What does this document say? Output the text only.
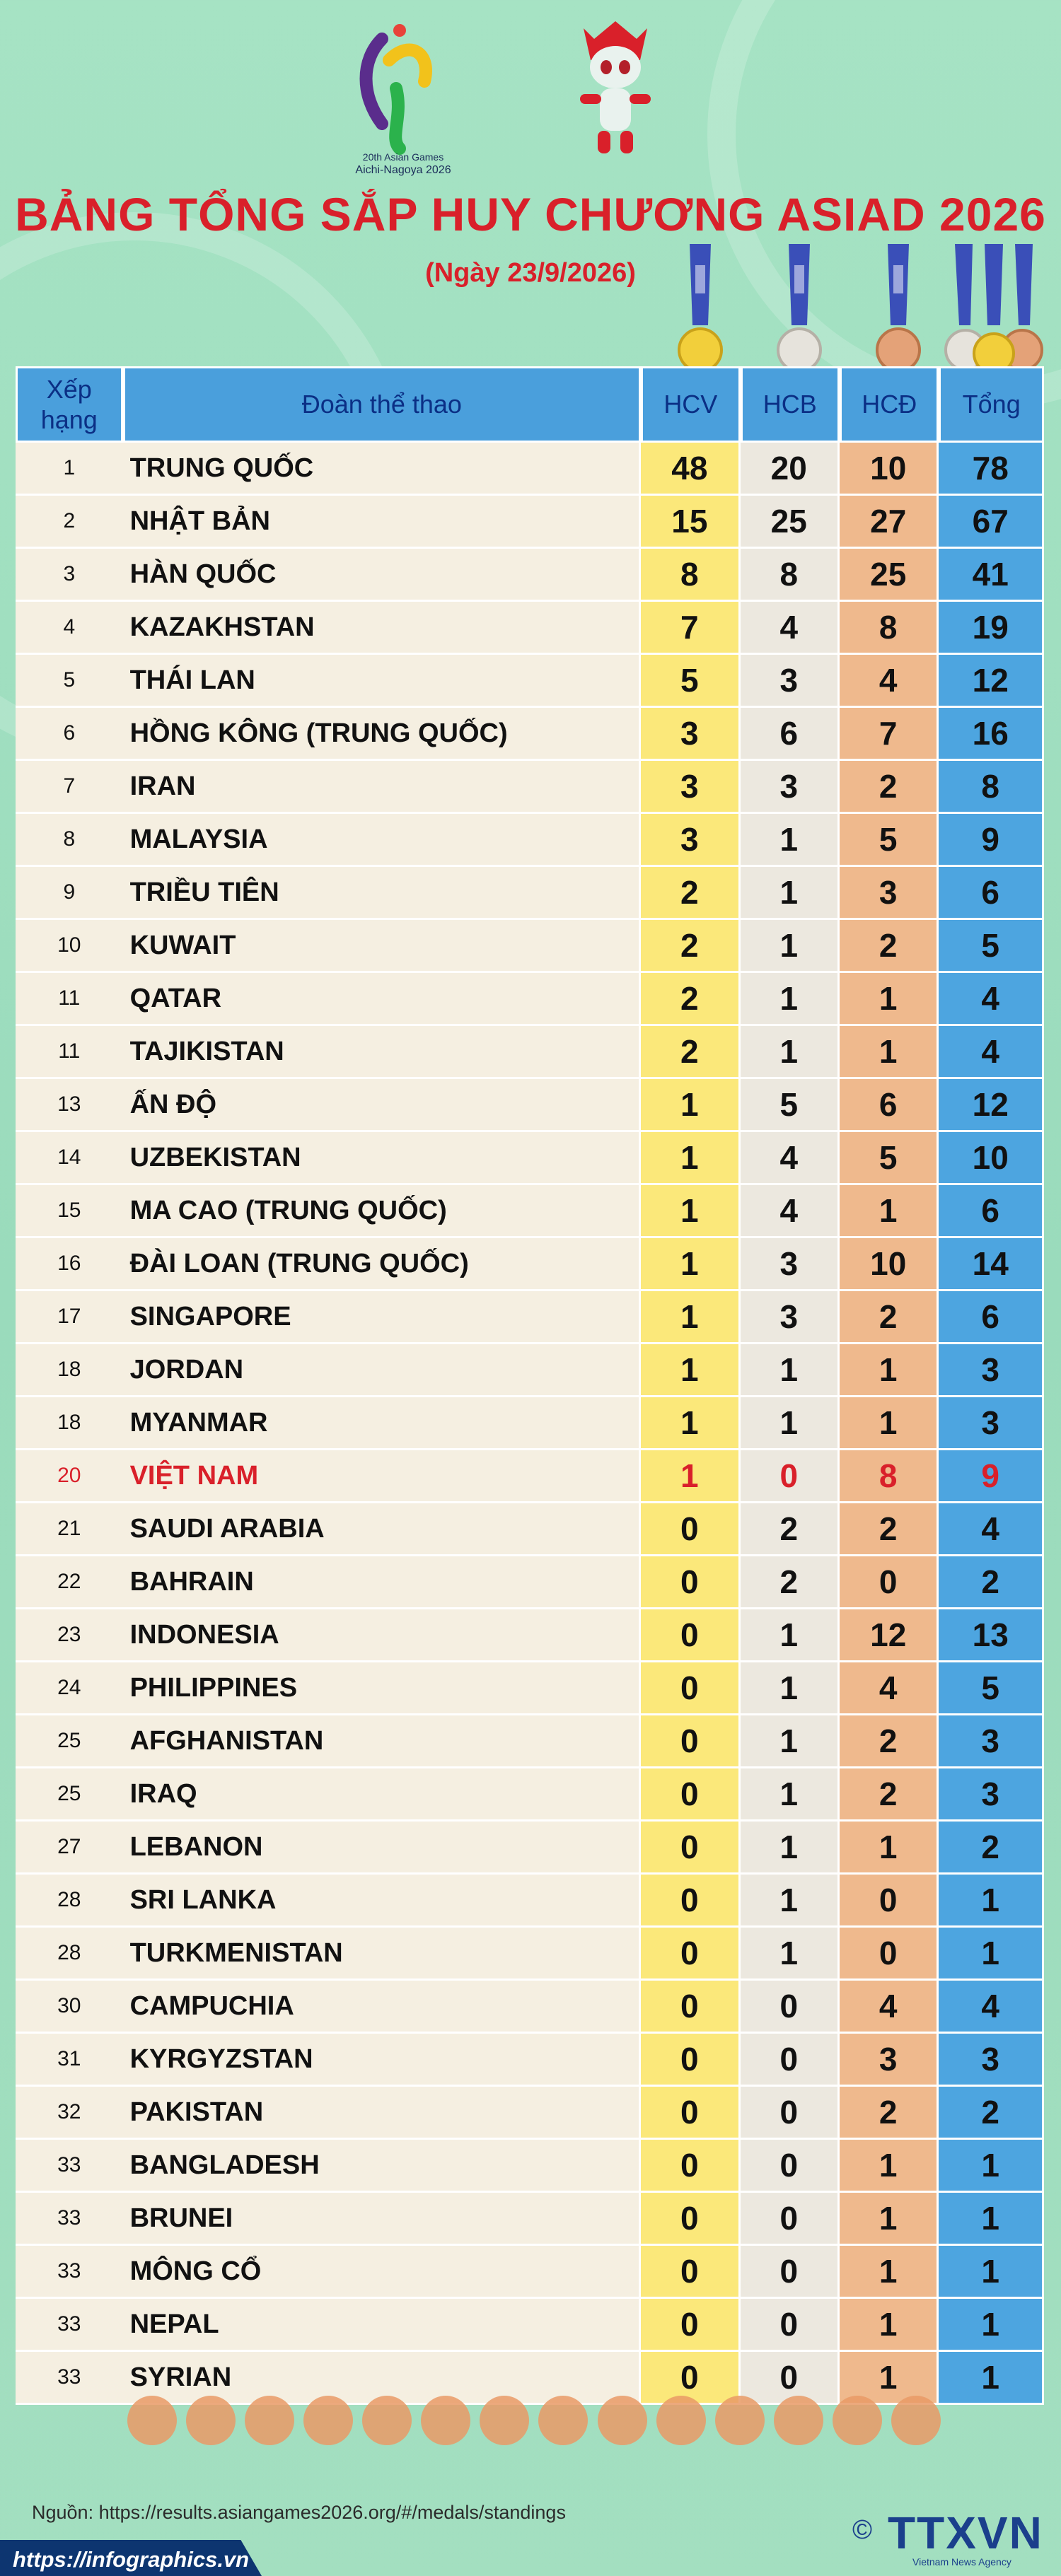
20th Asian Games
Aichi-Nagoya 2026
BẢNG TỔNG SẮP HUY CHƯƠNG ASIAD 2026
(Ngày 23/9/2026)
Xếp
hạng	Đoàn thể thao	HCV	HCB	HCĐ	Tổng
1	TRUNG QUỐC	48	20	10	78
2	NHẬT BẢN	15	25	27	67
3	HÀN QUỐC	8	8	25	41
4	KAZAKHSTAN	7	4	8	19
5	THÁI LAN	5	3	4	12
6	HỒNG KÔNG (TRUNG QUỐC)	3	6	7	16
7	IRAN	3	3	2	8
8	MALAYSIA	3	1	5	9
9	TRIỀU TIÊN	2	1	3	6
10	KUWAIT	2	1	2	5
11	QATAR	2	1	1	4
11	TAJIKISTAN	2	1	1	4
13	ẤN ĐỘ	1	5	6	12
14	UZBEKISTAN	1	4	5	10
15	MA CAO (TRUNG QUỐC)	1	4	1	6
16	ĐÀI LOAN (TRUNG QUỐC)	1	3	10	14
17	SINGAPORE	1	3	2	6
18	JORDAN	1	1	1	3
18	MYANMAR	1	1	1	3
20	VIỆT NAM	1	0	8	9
21	SAUDI ARABIA	0	2	2	4
22	BAHRAIN	0	2	0	2
23	INDONESIA	0	1	12	13
24	PHILIPPINES	0	1	4	5
25	AFGHANISTAN	0	1	2	3
25	IRAQ	0	1	2	3
27	LEBANON	0	1	1	2
28	SRI LANKA	0	1	0	1
28	TURKMENISTAN	0	1	0	1
30	CAMPUCHIA	0	0	4	4
31	KYRGYZSTAN	0	0	3	3
32	PAKISTAN	0	0	2	2
33	BANGLADESH	0	0	1	1
33	BRUNEI	0	0	1	1
33	MÔNG CỔ	0	0	1	1
33	NEPAL	0	0	1	1
33	SYRIAN	0	0	1	1
Nguồn: https://results.asiangames2026.org/#/medals/standings
https://infographics.vn
© TTXVN
Vietnam News Agency
